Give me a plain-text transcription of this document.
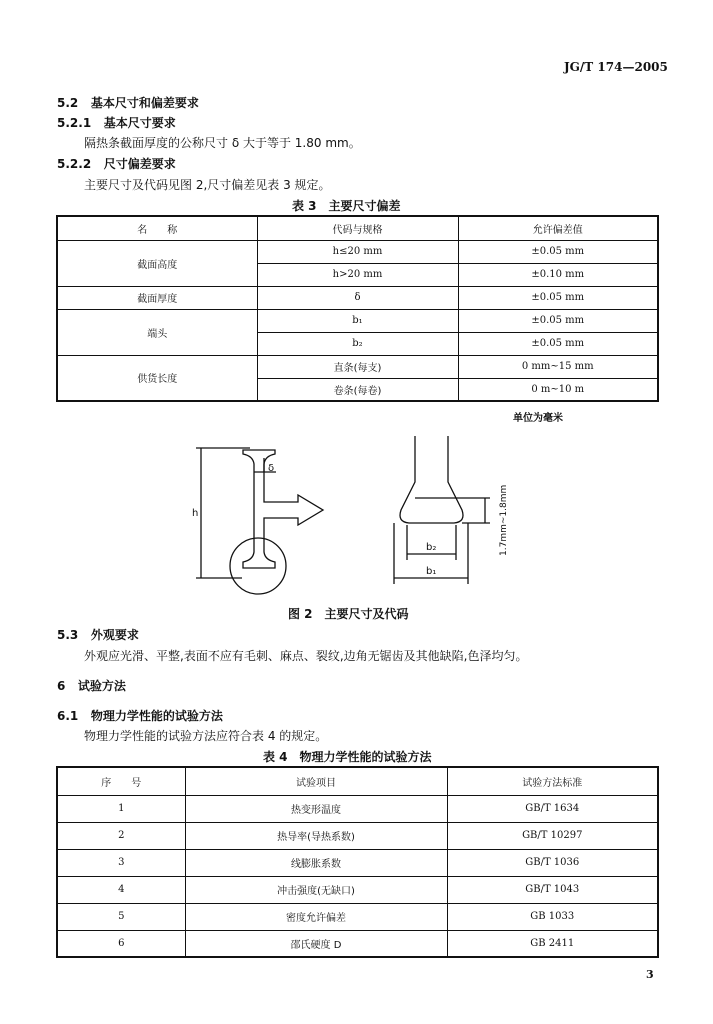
JG/T 174—2005
5.2 基本尺寸和偏差要求
5.2.1 基本尺寸要求
隔热条截面厚度的公称尺寸 δ 大于等于 1.80 mm。
5.2.2 尺寸偏差要求
主要尺寸及代码见图 2,尺寸偏差见表 3 规定。
表 3　主要尺寸偏差
名　　称	代码与规格	允许偏差值
截面高度	h≤20 mm	±0.05 mm
	h>20 mm	±0.10 mm
截面厚度	δ	±0.05 mm
端头	b₁	±0.05 mm
	b₂	±0.05 mm
供货长度	直条(每支)	0 mm~15 mm
	卷条(每卷)	0 m~10 m
单位为毫米
h
δ
b₂
b₁
1.7mm~1.8mm
图 2　主要尺寸及代码
5.3 外观要求
外观应光滑、平整,表面不应有毛刺、麻点、裂纹,边角无锯齿及其他缺陷,色泽均匀。
6 试验方法
6.1 物理力学性能的试验方法
物理力学性能的试验方法应符合表 4 的规定。
表 4　物理力学性能的试验方法
序　　号	试验项目	试验方法标准
1	热变形温度	GB/T 1634
2	热导率(导热系数)	GB/T 10297
3	线膨胀系数	GB/T 1036
4	冲击强度(无缺口)	GB/T 1043
5	密度允许偏差	GB 1033
6	邵氏硬度 D	GB 2411
3
